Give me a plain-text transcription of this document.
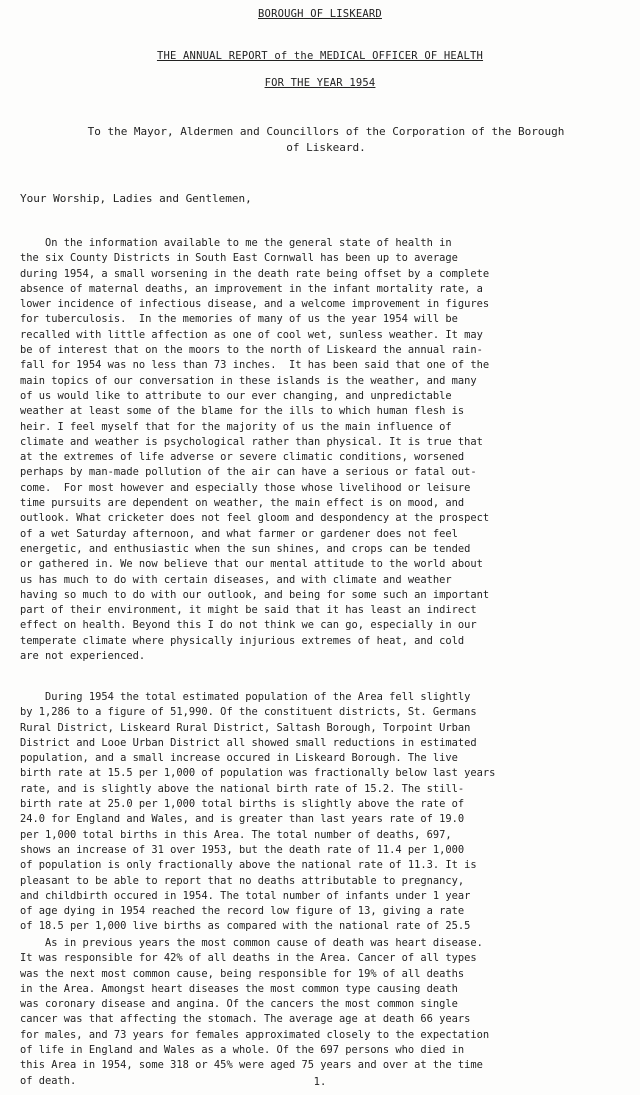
BOROUGH OF LISKEARD
THE ANNUAL REPORT of the MEDICAL OFFICER OF HEALTH
FOR THE YEAR 1954
To the Mayor, Aldermen and Councillors of the Corporation of the Borough
of Liskeard.
Your Worship, Ladies and Gentlemen,

On the information available to me the general state of health in
the six County Districts in South East Cornwall has been up to average
during 1954, a small worsening in the death rate being offset by a complete
absence of maternal deaths, an improvement in the infant mortality rate, a
lower incidence of infectious disease, and a welcome improvement in figures
for tuberculosis.  In the memories of many of us the year 1954 will be
recalled with little affection as one of cool wet, sunless weather. It may
be of interest that on the moors to the north of Liskeard the annual rain-
fall for 1954 was no less than 73 inches.  It has been said that one of the
main topics of our conversation in these islands is the weather, and many
of us would like to attribute to our ever changing, and unpredictable
weather at least some of the blame for the ills to which human flesh is
heir. I feel myself that for the majority of us the main influence of
climate and weather is psychological rather than physical. It is true that
at the extremes of life adverse or severe climatic conditions, worsened
perhaps by man-made pollution of the air can have a serious or fatal out-
come.  For most however and especially those whose livelihood or leisure
time pursuits are dependent on weather, the main effect is on mood, and
outlook. What cricketer does not feel gloom and despondency at the prospect
of a wet Saturday afternoon, and what farmer or gardener does not feel
energetic, and enthusiastic when the sun shines, and crops can be tended
or gathered in. We now believe that our mental attitude to the world about
us has much to do with certain diseases, and with climate and weather
having so much to do with our outlook, and being for some such an important
part of their environment, it might be said that it has least an indirect
effect on health. Beyond this I do not think we can go, especially in our
temperate climate where physically injurious extremes of heat, and cold
are not experienced.

During 1954 the total estimated population of the Area fell slightly
by 1,286 to a figure of 51,990. Of the constituent districts, St. Germans
Rural District, Liskeard Rural District, Saltash Borough, Torpoint Urban
District and Looe Urban District all showed small reductions in estimated
population, and a small increase occured in Liskeard Borough. The live
birth rate at 15.5 per 1,000 of population was fractionally below last years
rate, and is slightly above the national birth rate of 15.2. The still-
birth rate at 25.0 per 1,000 total births is slightly above the rate of
24.0 for England and Wales, and is greater than last years rate of 19.0
per 1,000 total births in this Area. The total number of deaths, 697,
shows an increase of 31 over 1953, but the death rate of 11.4 per 1,000
of population is only fractionally above the national rate of 11.3. It is
pleasant to be able to report that no deaths attributable to pregnancy,
and childbirth occured in 1954. The total number of infants under 1 year
of age dying in 1954 reached the record low figure of 13, giving a rate
of 18.5 per 1,000 live births as compared with the national rate of 25.5

As in previous years the most common cause of death was heart disease.
It was responsible for 42% of all deaths in the Area. Cancer of all types
was the next most common cause, being responsible for 19% of all deaths
in the Area. Amongst heart diseases the most common type causing death
was coronary disease and angina. Of the cancers the most common single
cancer was that affecting the stomach. The average age at death 66 years
for males, and 73 years for females approximated closely to the expectation
of life in England and Wales as a whole. Of the 697 persons who died in
this Area in 1954, some 318 or 45% were aged 75 years and over at the time
of death.	1.
